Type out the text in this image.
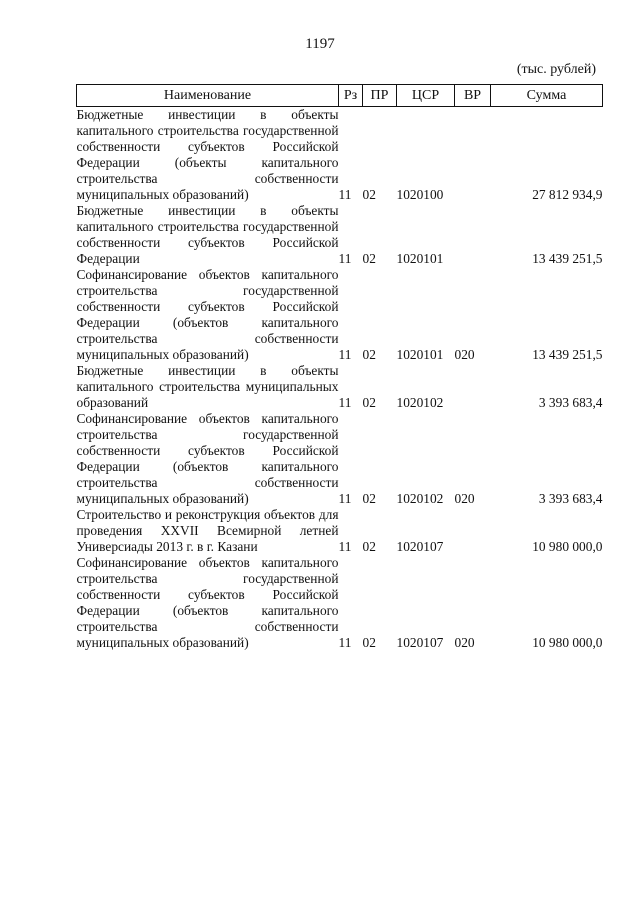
1197
(тыс. рублей)
Наименование	Рз	ПР	ЦСР	ВР	Сумма
Бюджетные инвестиции в объекты капитального строительства государственной собственности субъектов Российской Федерации (объекты капитального строительства собственности муниципальных образований)	11	02	1020100		27 812 934,9
Бюджетные инвестиции в объекты капитального строительства государственной собственности субъектов Российской Федерации	11	02	1020101		13 439 251,5
Софинансирование объектов капитального строительства государственной собственности субъектов Российской Федерации (объектов капитального строительства собственности муниципальных образований)	11	02	1020101	020	13 439 251,5
Бюджетные инвестиции в объекты капитального строительства муниципальных образований	11	02	1020102		3 393 683,4
Софинансирование объектов капитального строительства государственной собственности субъектов Российской Федерации (объектов капитального строительства собственности муниципальных образований)	11	02	1020102	020	3 393 683,4
Строительство и реконструкция объектов для проведения XXVII Всемирной летней Универсиады 2013 г. в г. Казани	11	02	1020107		10 980 000,0
Софинансирование объектов капитального строительства государственной собственности субъектов Российской Федерации (объектов капитального строительства собственности муниципальных образований)	11	02	1020107	020	10 980 000,0
